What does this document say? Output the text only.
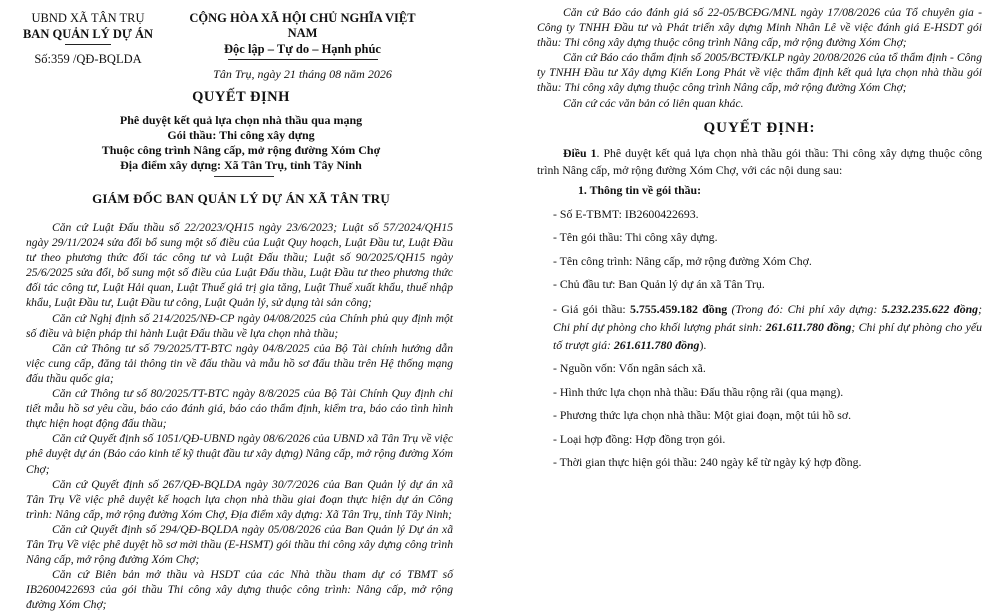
UBND XÃ TÂN TRỤ
BAN QUẢN LÝ DỰ ÁN
Số:359 /QĐ-BQLDA
CỘNG HÒA XÃ HỘI CHỦ NGHĨA VIỆT NAM
Độc lập – Tự do – Hạnh phúc
Tân Trụ, ngày 21 tháng 08 năm 2026
QUYẾT ĐỊNH
Phê duyệt kết quả lựa chọn nhà thầu qua mạng
Gói thầu: Thi công xây dựng
Thuộc công trình Nâng cấp, mở rộng đường Xóm Chợ
Địa điểm xây dựng: Xã Tân Trụ, tỉnh Tây Ninh
GIÁM ĐỐC BAN QUẢN LÝ DỰ ÁN XÃ TÂN TRỤ

Căn cứ Luật Đấu thầu số 22/2023/QH15 ngày 23/6/2023; Luật số 57/2024/QH15 ngày 29/11/2024 sửa đổi bổ sung một số điều của Luật Quy hoạch, Luật Đầu tư, Luật Đầu tư theo phương thức đối tác công tư và Luật Đấu thầu; Luật số 90/2025/QH15 ngày 25/6/2025 sửa đổi, bổ sung một số điều của Luật Đấu thầu, Luật Đầu tư theo phương thức đối tác công tư, Luật Hải quan, Luật Thuế giá trị gia tăng, Luật Thuế xuất khẩu, thuế nhập khẩu, Luật Đầu tư, Luật Đầu tư công, Luật Quản lý, sử dụng tài sản công;

Căn cứ Nghị định số 214/2025/NĐ-CP ngày 04/08/2025 của Chính phủ quy định một số điều và biện pháp thi hành Luật Đấu thầu về lựa chọn nhà thầu;

Căn cứ Thông tư số 79/2025/TT-BTC ngày 04/8/2025 của Bộ Tài chính hướng dẫn việc cung cấp, đăng tải thông tin về đấu thầu và mẫu hồ sơ đấu thầu trên Hệ thống mạng đấu thầu quốc gia;

Căn cứ Thông tư số 80/2025/TT-BTC ngày 8/8/2025 của Bộ Tài Chính Quy định chi tiết mẫu hồ sơ yêu cầu, báo cáo đánh giá, báo cáo thẩm định, kiểm tra, báo cáo tình hình thực hiện hoạt động đấu thầu;

Căn cứ Quyết định số 1051/QĐ-UBND ngày 08/6/2026 của UBND xã Tân Trụ về việc phê duyệt dự án (Báo cáo kinh tế kỹ thuật đầu tư xây dựng) Nâng cấp, mở rộng đường Xóm Chợ;

Căn cứ Quyết định số 267/QĐ-BQLDA ngày 30/7/2026 của Ban Quản lý dự án xã Tân Trụ Về việc phê duyệt kế hoạch lựa chọn nhà thầu giai đoạn thực hiện dự án Công trình: Nâng cấp, mở rộng đường Xóm Chợ, Địa điểm xây dựng: Xã Tân Trụ, tỉnh Tây Ninh;

Căn cứ Quyết định số 294/QĐ-BQLDA ngày 05/08/2026 của Ban Quản lý Dự án xã Tân Trụ Về việc phê duyệt hồ sơ mời thầu (E-HSMT) gói thầu thi công xây dựng công trình Nâng cấp, mở rộng đường Xóm Chợ;

Căn cứ Biên bản mở thầu và HSDT của các Nhà thầu tham dự có TBMT số IB2600422693 của gói thầu Thi công xây dựng thuộc công trình: Nâng cấp, mở rộng đường Xóm Chợ;

Căn cứ Báo cáo đánh giá số 22-05/BCĐG/MNL ngày 17/08/2026 của Tổ chuyên gia - Công ty TNHH Đầu tư và Phát triển xây dựng Minh Nhân Lê về việc đánh giá E-HSDT gói thầu: Thi công xây dựng thuộc công trình Nâng cấp, mở rộng đường Xóm Chợ;

Căn cứ Báo cáo thẩm định số 2005/BCTĐ/KLP ngày 20/08/2026 của tổ thẩm định - Công ty TNHH Đầu tư Xây dựng Kiến Long Phát về việc thẩm định kết quả lựa chọn nhà thầu gói thầu: Thi công xây dựng thuộc công trình Nâng cấp, mở rộng đường Xóm Chợ;

Căn cứ các văn bản có liên quan khác.

QUYẾT ĐỊNH:

Điều 1. Phê duyệt kết quả lựa chọn nhà thầu gói thầu: Thi công xây dựng thuộc công trình Nâng cấp, mở rộng đường Xóm Chợ, với các nội dung sau:

1. Thông tin về gói thầu:
- Số E-TBMT: IB2600422693.
- Tên gói thầu: Thi công xây dựng.
- Tên công trình: Nâng cấp, mở rộng đường Xóm Chợ.
- Chủ đầu tư: Ban Quản lý dự án xã Tân Trụ.
- Giá gói thầu: 5.755.459.182 đồng (Trong đó: Chi phí xây dựng: 5.232.235.622 đồng; Chi phí dự phòng cho khối lượng phát sinh: 261.611.780 đồng; Chi phí dự phòng cho yếu tố trượt giá: 261.611.780 đồng).
- Nguồn vốn: Vốn ngân sách xã.
- Hình thức lựa chọn nhà thầu: Đấu thầu rộng rãi (qua mạng).
- Phương thức lựa chọn nhà thầu: Một giai đoạn, một túi hồ sơ.
- Loại hợp đồng: Hợp đồng trọn gói.
- Thời gian thực hiện gói thầu: 240 ngày kể từ ngày ký hợp đồng.
